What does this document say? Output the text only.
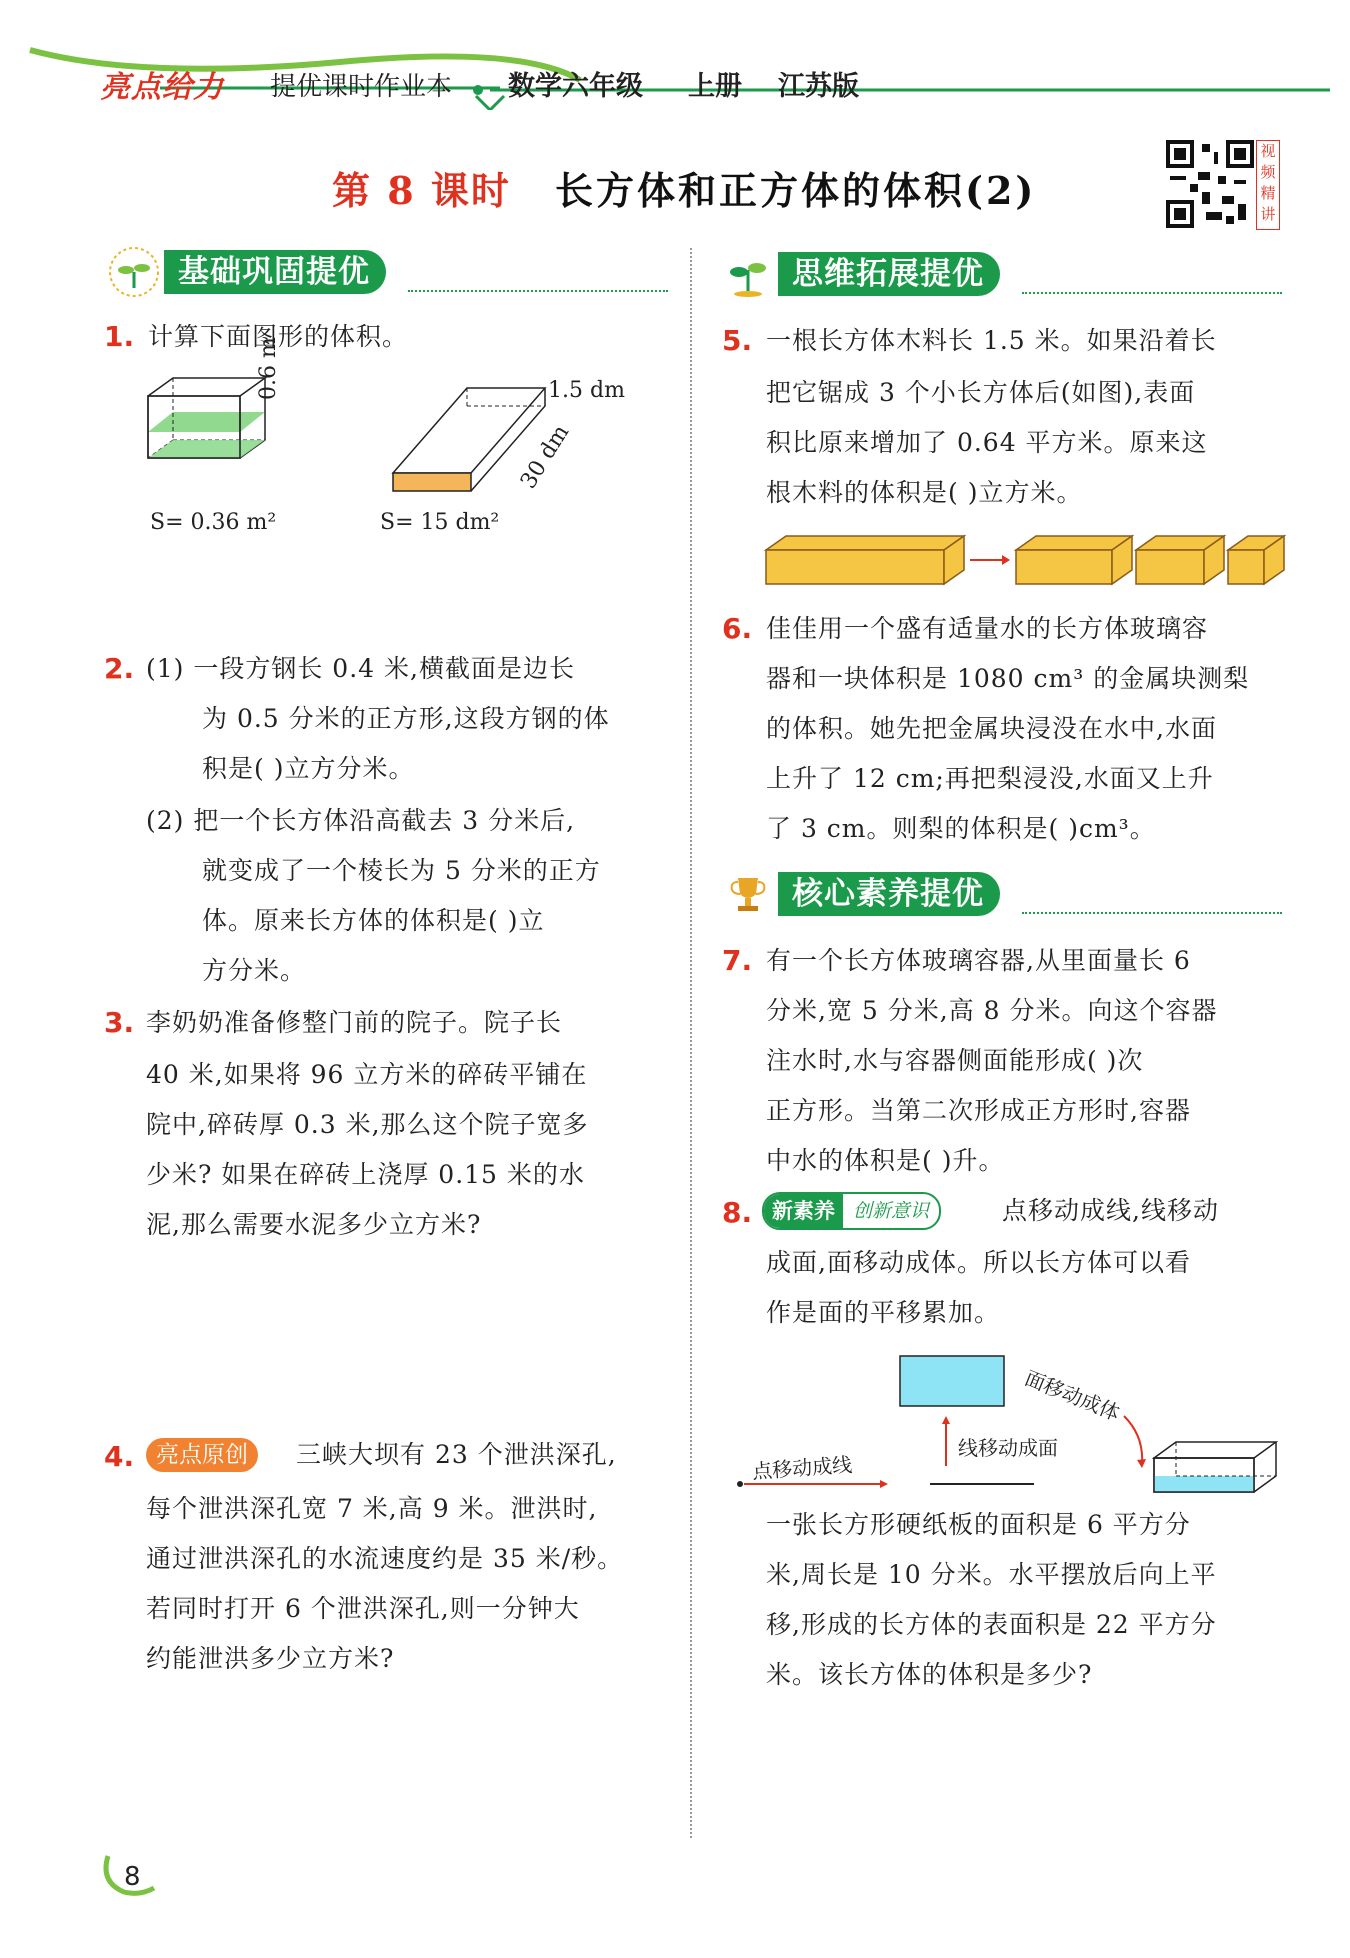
亮点给力 提优课时作业本 数学六年级 上册 江苏版
第 8 课时 长方体和正方体的体积(2)
视频精讲
基础巩固提优
1. 计算下面图形的体积。
0.6 m
S= 0.36 m²
1.5 dm
30 dm
S= 15 dm²
2. (1) 一段方钢长 0.4 米,横截面是边长
为 0.5 分米的正方形,这段方钢的体
积是( )立方分米。
(2) 把一个长方体沿高截去 3 分米后,
就变成了一个棱长为 5 分米的正方
体。原来长方体的体积是( )立
方分米。
3. 李奶奶准备修整门前的院子。院子长
40 米,如果将 96 立方米的碎砖平铺在
院中,碎砖厚 0.3 米,那么这个院子宽多
少米? 如果在碎砖上浇厚 0.15 米的水
泥,那么需要水泥多少立方米?
4. 亮点原创	三峡大坝有 23 个泄洪深孔,
每个泄洪深孔宽 7 米,高 9 米。泄洪时,
通过泄洪深孔的水流速度约是 35 米/秒。
若同时打开 6 个泄洪深孔,则一分钟大
约能泄洪多少立方米?
思维拓展提优
5. 一根长方体木料长 1.5 米。如果沿着长
把它锯成 3 个小长方体后(如图),表面
积比原来增加了 0.64 平方米。原来这
根木料的体积是( )立方米。
6. 佳佳用一个盛有适量水的长方体玻璃容
器和一块体积是 1080 cm³ 的金属块测梨
的体积。她先把金属块浸没在水中,水面
上升了 12 cm;再把梨浸没,水面又上升
了 3 cm。则梨的体积是( )cm³。
核心素养提优
7. 有一个长方体玻璃容器,从里面量长 6
分米,宽 5 分米,高 8 分米。向这个容器
注水时,水与容器侧面能形成( )次
正方形。当第二次形成正方形时,容器
中水的体积是( )升。
8. 新素养 创新意识	点移动成线,线移动
成面,面移动成体。所以长方体可以看
作是面的平移累加。
点移动成线
线移动成面
面移动成体
一张长方形硬纸板的面积是 6 平方分
米,周长是 10 分米。水平摆放后向上平
移,形成的长方体的表面积是 22 平方分
米。该长方体的体积是多少?
8
